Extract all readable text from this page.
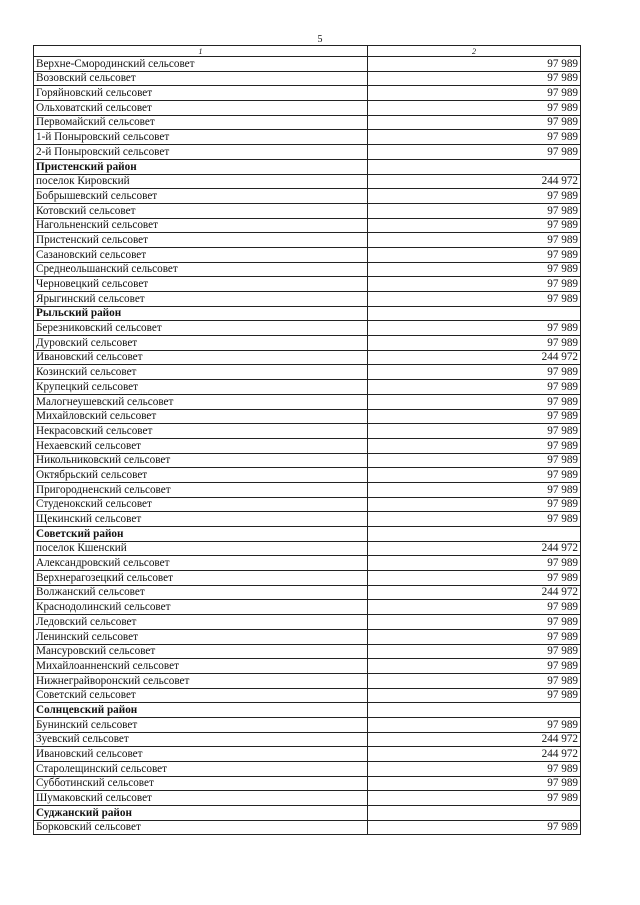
5
1	2
Верхне-Смородинский сельсовет	97 989
Возовский сельсовет	97 989
Горяйновский сельсовет	97 989
Ольховатский сельсовет	97 989
Первомайский сельсовет	97 989
1-й Поныровский сельсовет	97 989
2-й Поныровский сельсовет	97 989
Пристенский район	
поселок Кировский	244 972
Бобрышевский сельсовет	97 989
Котовский сельсовет	97 989
Нагольненский сельсовет	97 989
Пристенский сельсовет	97 989
Сазановский сельсовет	97 989
Среднеольшанский сельсовет	97 989
Черновецкий сельсовет	97 989
Ярыгинский сельсовет	97 989
Рыльский район	
Березниковский сельсовет	97 989
Дуровский сельсовет	97 989
Ивановский сельсовет	244 972
Козинский сельсовет	97 989
Крупецкий сельсовет	97 989
Малогнеушевский сельсовет	97 989
Михайловский сельсовет	97 989
Некрасовский сельсовет	97 989
Нехаевский сельсовет	97 989
Никольниковский сельсовет	97 989
Октябрьский сельсовет	97 989
Пригородненский сельсовет	97 989
Студенокский сельсовет	97 989
Щекинский сельсовет	97 989
Советский район	
поселок Кшенский	244 972
Александровский сельсовет	97 989
Верхнерагозецкий сельсовет	97 989
Волжанский сельсовет	244 972
Краснодолинский сельсовет	97 989
Ледовский сельсовет	97 989
Ленинский сельсовет	97 989
Мансуровский сельсовет	97 989
Михайлоанненский сельсовет	97 989
Нижнеграйворонский сельсовет	97 989
Советский сельсовет	97 989
Солнцевский район	
Бунинский сельсовет	97 989
Зуевский сельсовет	244 972
Ивановский сельсовет	244 972
Старолещинский сельсовет	97 989
Субботинский сельсовет	97 989
Шумаковский сельсовет	97 989
Суджанский район	
Борковский сельсовет	97 989
